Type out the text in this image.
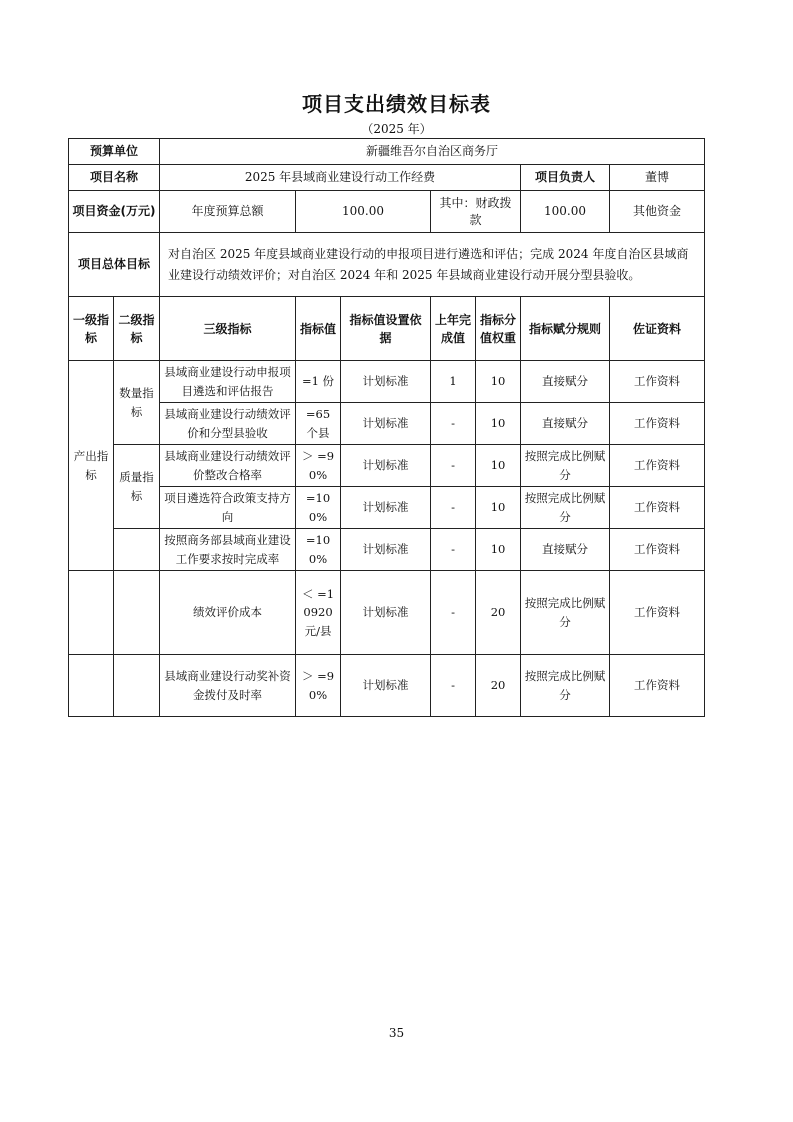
项目支出绩效目标表
（2025 年）
预算单位		新疆维吾尔自治区商务厅						
项目名称		2025 年县域商业建设行动工作经费					项目负责人	董博
项目资金(万元)		年度预算总额	100.00		其中：财政拨款		100.00	其他资金
项目总体目标		对自治区 2025 年度县域商业建设行动的申报项目进行遴选和评估；完成 2024 年度自治区县域商业建设行动绩效评价；对自治区 2024 年和 2025 年县域商业建设行动开展分型县验收。						
一级指标	二级指标	三级指标	指标值	指标值设置依据	上年完成值	指标分值权重	指标赋分规则	佐证资料
产出指标	数量指标	县域商业建设行动申报项目遴选和评估报告	=1 份	计划标准	1	10	直接赋分	工作资料
		县域商业建设行动绩效评价和分型县验收	=65 个县	计划标准	-	10	直接赋分	工作资料
	质量指标	县域商业建设行动绩效评价整改合格率	＞ =90%	计划标准	-	10	按照完成比例赋分	工作资料
		项目遴选符合政策支持方向	=100%	计划标准	-	10	按照完成比例赋分	工作资料
		按照商务部县域商业建设工作要求按时完成率	=100%	计划标准	-	10	直接赋分	工作资料
		绩效评价成本	＜ =10920 元/县	计划标准	-	20	按照完成比例赋分	工作资料
		县域商业建设行动奖补资金拨付及时率	＞ =90%	计划标准	-	20	按照完成比例赋分	工作资料
35
